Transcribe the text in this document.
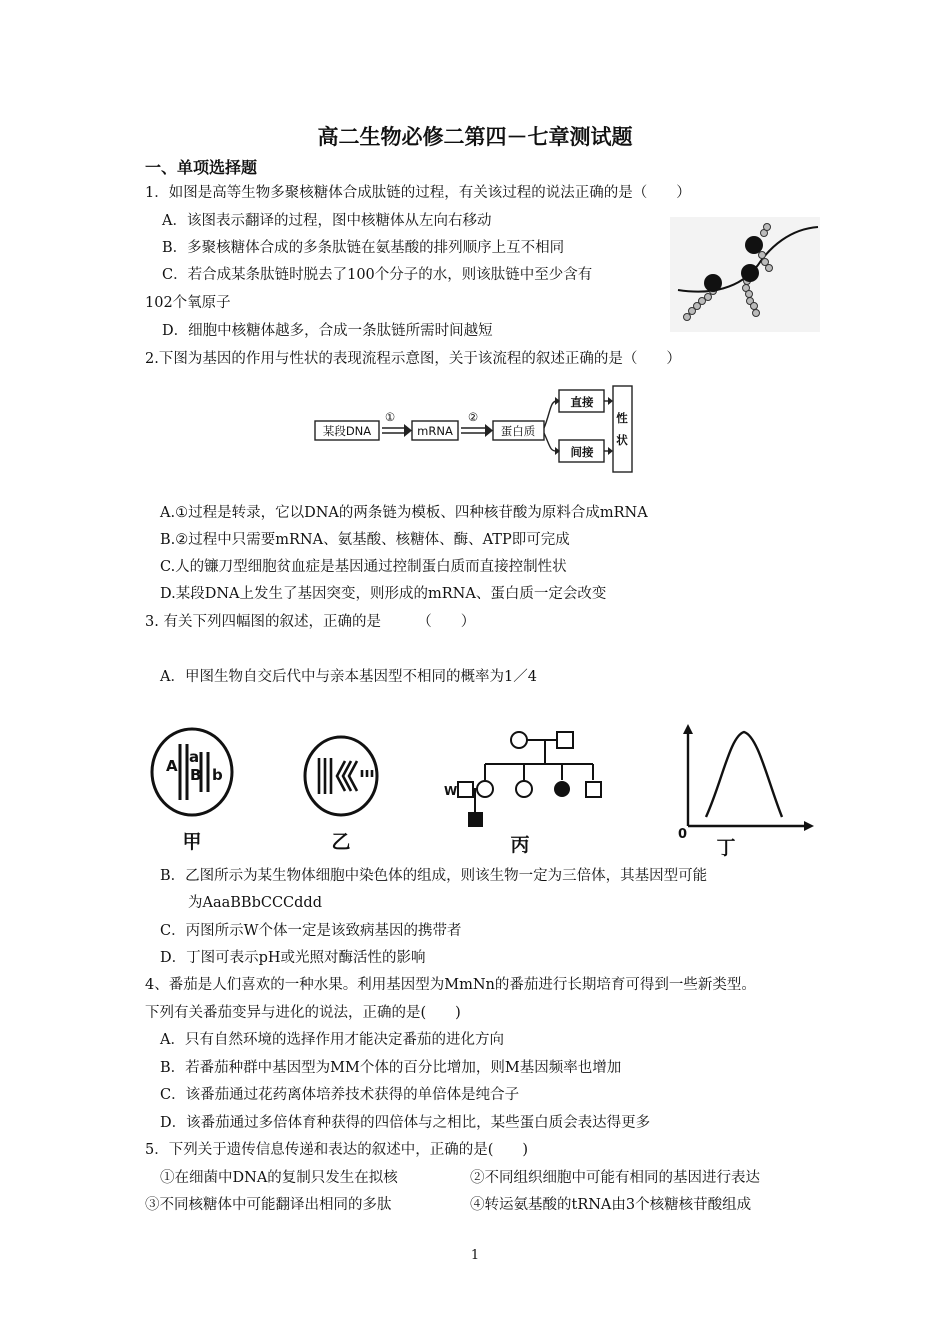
高二生物必修二第四－七章测试题
一、单项选择题
1．如图是高等生物多聚核糖体合成肽链的过程，有关该过程的说法正确的是（　　）
A．该图表示翻译的过程，图中核糖体从左向右移动
B．多聚核糖体合成的多条肽链在氨基酸的排列顺序上互不相同
C．若合成某条肽链时脱去了100个分子的水，则该肽链中至少含有
102个氧原子
D．细胞中核糖体越多，合成一条肽链所需时间越短
2.下图为基因的作用与性状的表现流程示意图，关于该流程的叙述正确的是（　　）
某段DNA
①
mRNA
②
蛋白质
直接
间接
性
状
A.①过程是转录，它以DNA的两条链为模板、四种核苷酸为原料合成mRNA
B.②过程中只需要mRNA、氨基酸、核糖体、酶、ATP即可完成
C.人的镰刀型细胞贫血症是基因通过控制蛋白质而直接控制性状
D.某段DNA上发生了基因突变，则形成的mRNA、蛋白质一定会改变
3. 有关下列四幅图的叙述，正确的是　　　（　　）
A．甲图生物自交后代中与亲本基因型不相同的概率为1／4
A a
B b
甲	乙
W
丙	0
丁
B．乙图所示为某生物体细胞中染色体的组成，则该生物一定为三倍体，其基因型可能
为AaaBBbCCCddd
C．丙图所示W个体一定是该致病基因的携带者
D．丁图可表示pH或光照对酶活性的影响
4、番茄是人们喜欢的一种水果。利用基因型为MmNn的番茄进行长期培育可得到一些新类型。
下列有关番茄变异与进化的说法，正确的是(　　)
A．只有自然环境的选择作用才能决定番茄的进化方向
B．若番茄种群中基因型为MM个体的百分比增加，则M基因频率也增加
C．该番茄通过花药离体培养技术获得的单倍体是纯合子
D．该番茄通过多倍体育种获得的四倍体与之相比，某些蛋白质会表达得更多
5．下列关于遗传信息传递和表达的叙述中，正确的是(　　)
①在细菌中DNA的复制只发生在拟核	②不同组织细胞中可能有相同的基因进行表达
③不同核糖体中可能翻译出相同的多肽	④转运氨基酸的tRNA由3个核糖核苷酸组成
1
